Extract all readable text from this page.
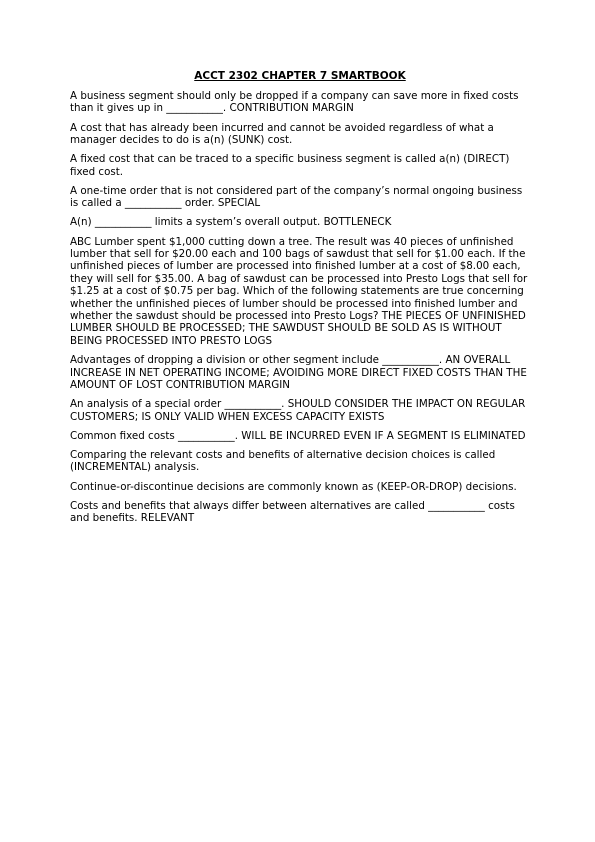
ACCT 2302 CHAPTER 7 SMARTBOOK

A business segment should only be dropped if a company can save more in fixed costs than it gives up in ___________. CONTRIBUTION MARGIN

A cost that has already been incurred and cannot be avoided regardless of what a manager decides to do is a(n) (SUNK) cost.

A fixed cost that can be traced to a specific business segment is called a(n) (DIRECT) fixed cost.

A one-time order that is not considered part of the company’s normal ongoing business is called a ___________ order. SPECIAL

A(n) ___________ limits a system’s overall output. BOTTLENECK

ABC Lumber spent $1,000 cutting down a tree. The result was 40 pieces of unfinished lumber that sell for $20.00 each and 100 bags of sawdust that sell for $1.00 each. If the unfinished pieces of lumber are processed into finished lumber at a cost of $8.00 each, they will sell for $35.00. A bag of sawdust can be processed into Presto Logs that sell for $1.25 at a cost of $0.75 per bag. Which of the following statements are true concerning whether the unfinished pieces of lumber should be processed into finished lumber and whether the sawdust should be processed into Presto Logs? THE PIECES OF UNFINISHED LUMBER SHOULD BE PROCESSED; THE SAWDUST SHOULD BE SOLD AS IS WITHOUT BEING PROCESSED INTO PRESTO LOGS

Advantages of dropping a division or other segment include ___________. AN OVERALL INCREASE IN NET OPERATING INCOME; AVOIDING MORE DIRECT FIXED COSTS THAN THE AMOUNT OF LOST CONTRIBUTION MARGIN

An analysis of a special order ___________. SHOULD CONSIDER THE IMPACT ON REGULAR CUSTOMERS; IS ONLY VALID WHEN EXCESS CAPACITY EXISTS

Common fixed costs ___________. WILL BE INCURRED EVEN IF A SEGMENT IS ELIMINATED

Comparing the relevant costs and benefits of alternative decision choices is called (INCREMENTAL) analysis.

Continue-or-discontinue decisions are commonly known as (KEEP-OR-DROP) decisions.

Costs and benefits that always differ between alternatives are called ___________ costs and benefits. RELEVANT
